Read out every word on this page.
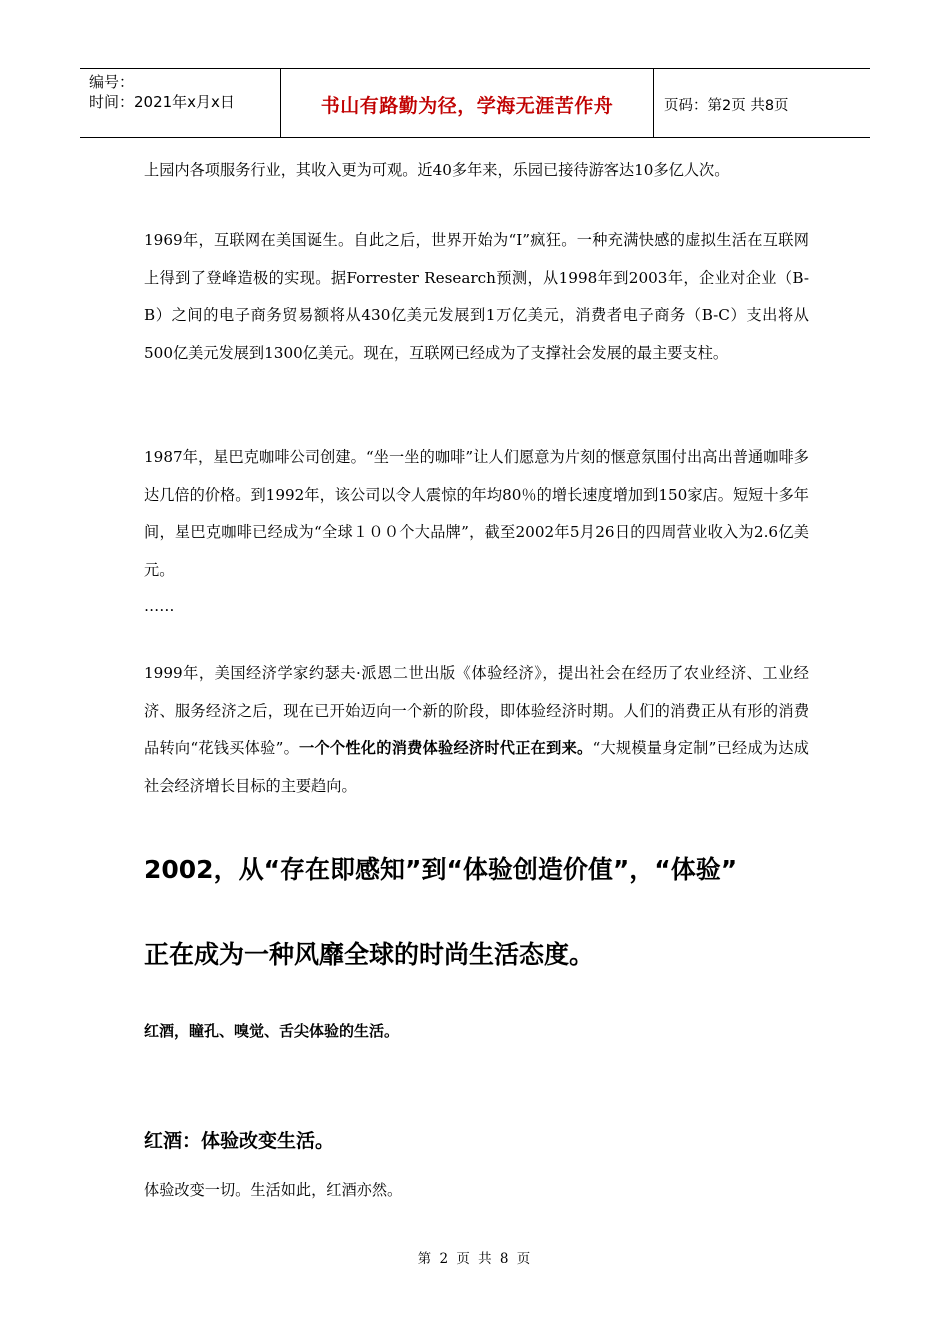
编号：
时间：2021年x月x日	书山有路勤为径，学海无涯苦作舟	页码：第2页 共8页

上园内各项服务行业，其收入更为可观。近40多年来，乐园已接待游客达10多亿人次。

1969年，互联网在美国诞生。自此之后，世界开始为“I”疯狂。一种充满快感的虚拟生活在互联网上得到了登峰造极的实现。据Forrester Research预测，从1998年到2003年，企业对企业（B-B）之间的电子商务贸易额将从430亿美元发展到1万亿美元，消费者电子商务（B-C）支出将从500亿美元发展到1300亿美元。现在，互联网已经成为了支撑社会发展的最主要支柱。

1987年，星巴克咖啡公司创建。“坐一坐的咖啡”让人们愿意为片刻的惬意氛围付出高出普通咖啡多达几倍的价格。到1992年，该公司以令人震惊的年均80％的增长速度增加到150家店。短短十多年间，星巴克咖啡已经成为“全球１００个大品牌”，截至2002年5月26日的四周营业收入为2.6亿美元。

……

1999年，美国经济学家约瑟夫·派恩二世出版《体验经济》，提出社会在经历了农业经济、工业经济、服务经济之后，现在已开始迈向一个新的阶段，即体验经济时期。人们的消费正从有形的消费品转向“花钱买体验”。一个个性化的消费体验经济时代正在到来。“大规模量身定制”已经成为达成社会经济增长目标的主要趋向。

2002，从“存在即感知”到“体验创造价值”，“体验”

正在成为一种风靡全球的时尚生活态度。

红酒，瞳孔、嗅觉、舌尖体验的生活。

红酒：体验改变生活。

体验改变一切。生活如此，红酒亦然。

第 2 页 共 8 页
